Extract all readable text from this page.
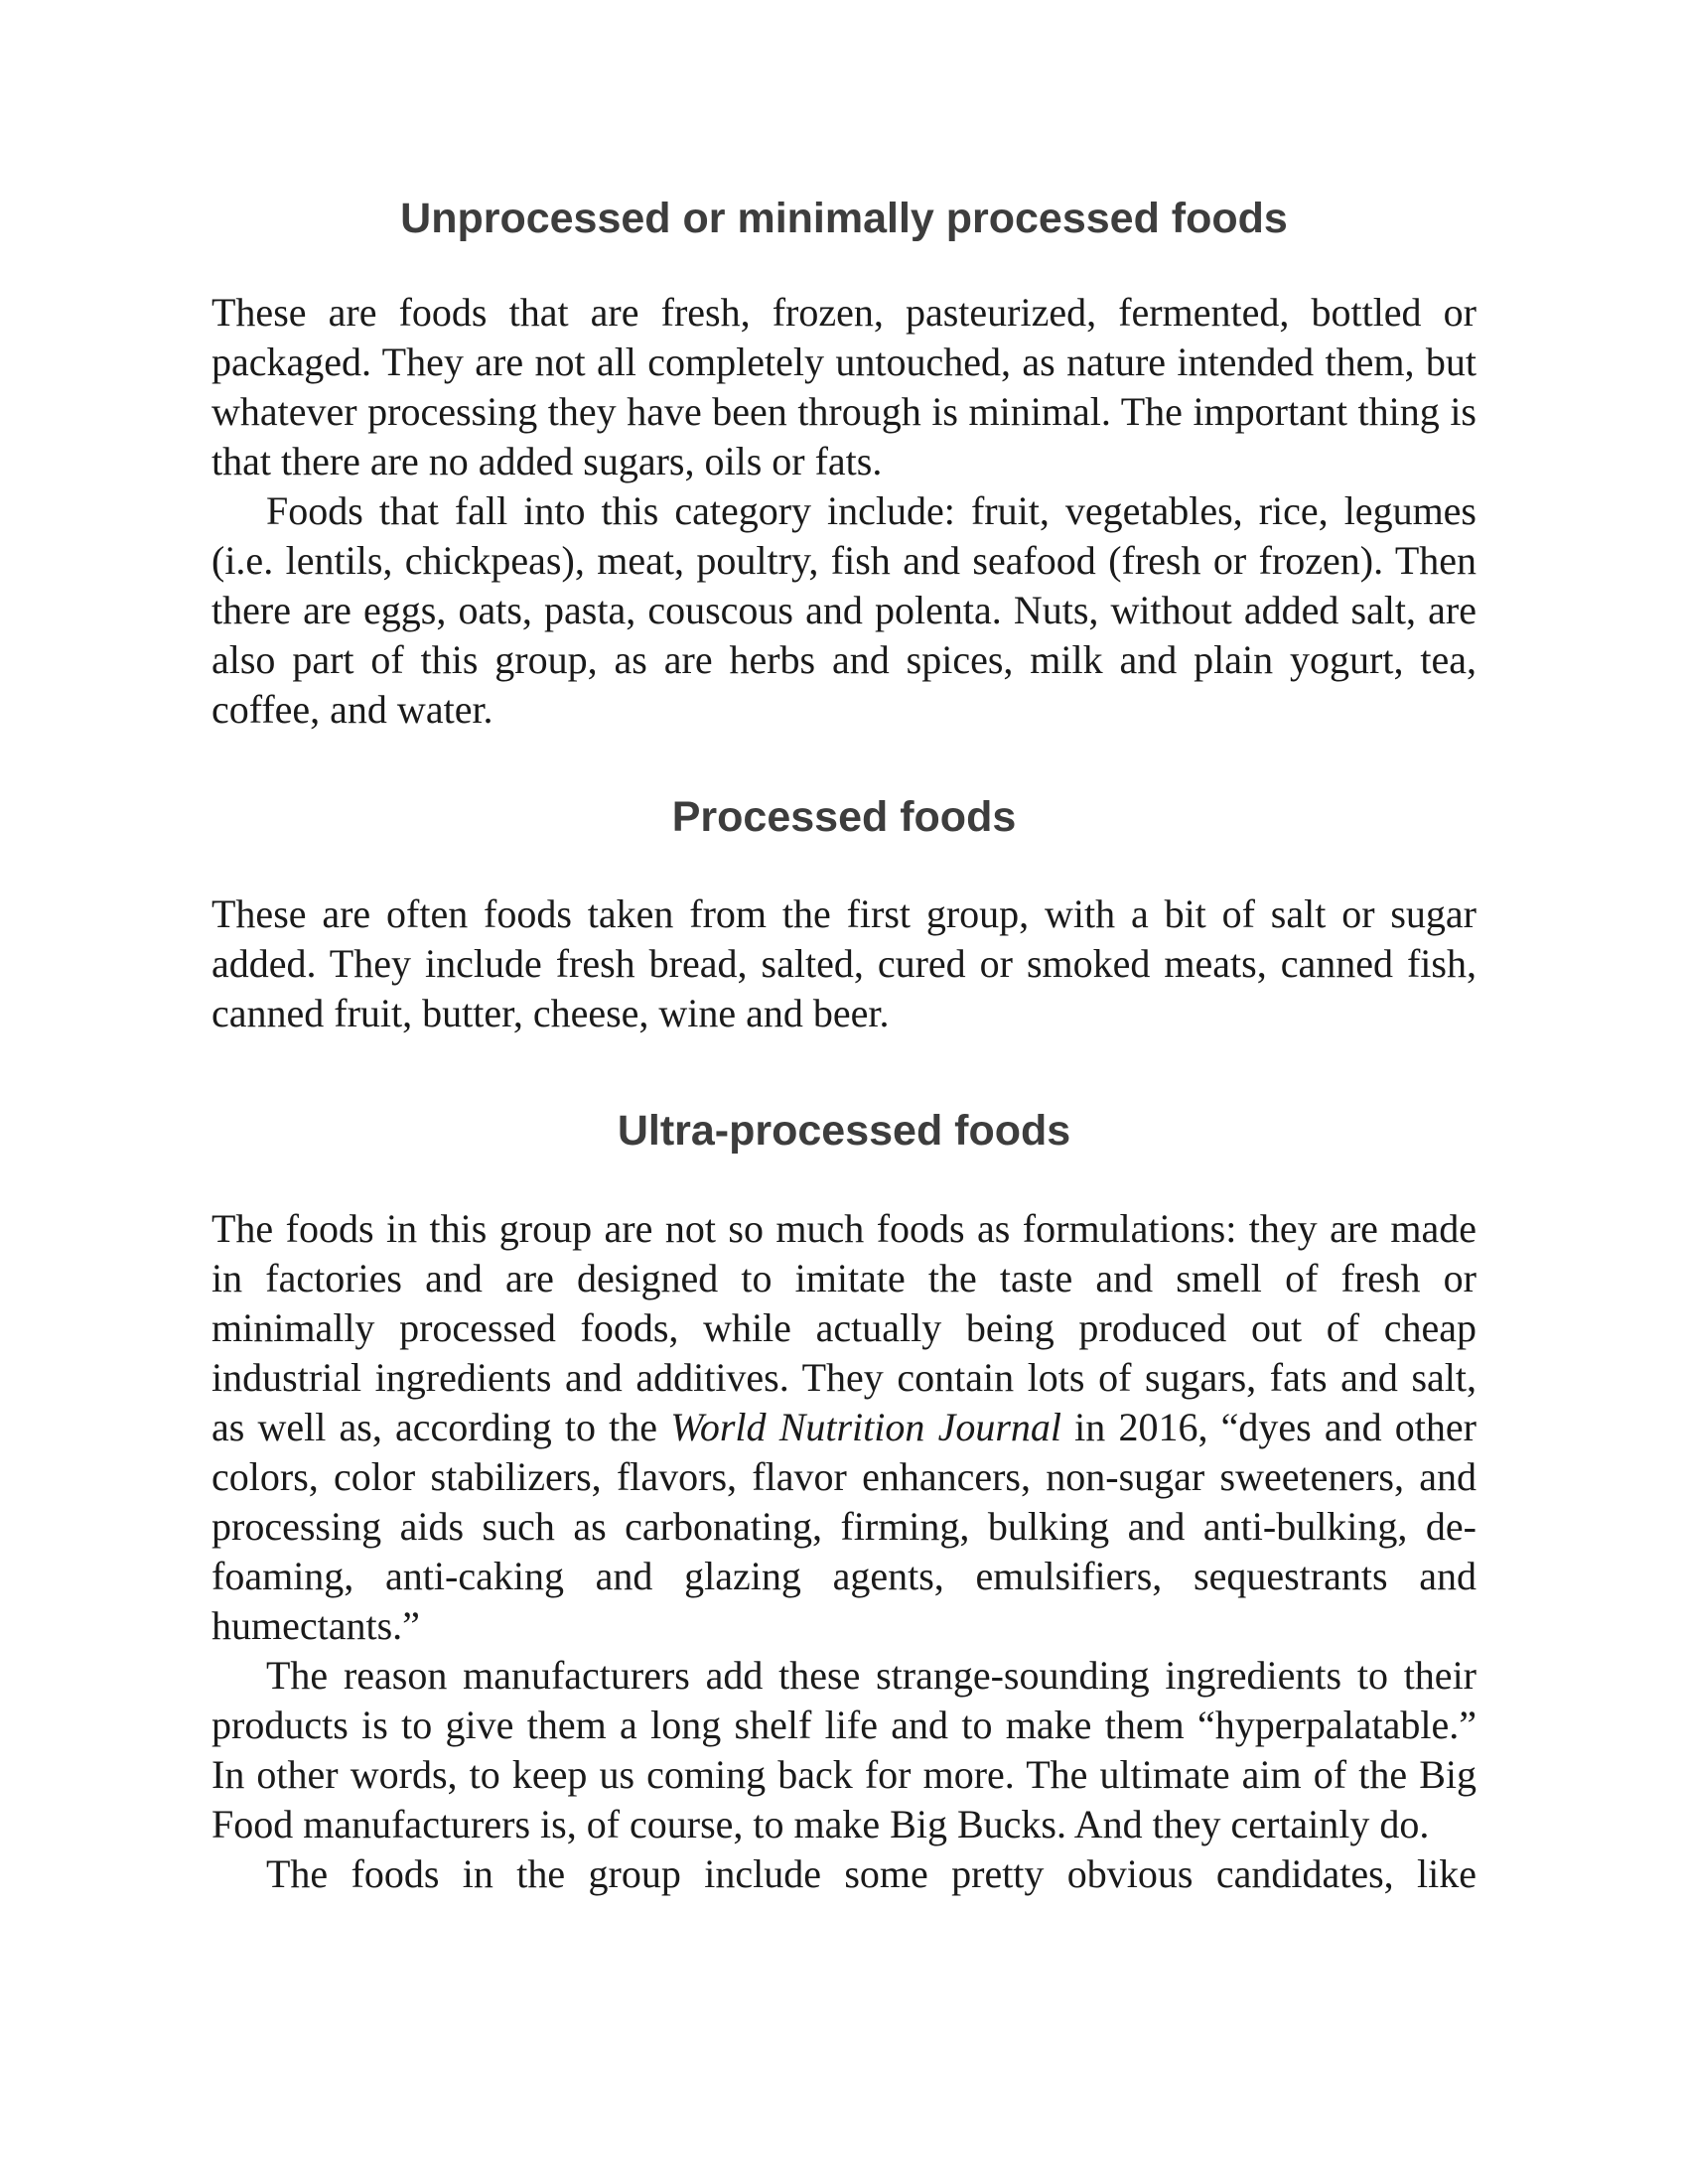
Unprocessed or minimally processed foods

These are foods that are fresh, frozen, pasteurized, fermented, bottled or packaged. They are not all completely untouched, as nature intended them, but whatever processing they have been through is minimal. The important thing is that there are no added sugars, oils or fats.

Foods that fall into this category include: fruit, vegetables, rice, legumes (i.e. lentils, chickpeas), meat, poultry, fish and seafood (fresh or frozen). Then there are eggs, oats, pasta, couscous and polenta. Nuts, without added salt, are also part of this group, as are herbs and spices, milk and plain yogurt, tea, coffee, and water.

Processed foods

These are often foods taken from the first group, with a bit of salt or sugar added. They include fresh bread, salted, cured or smoked meats, canned fish, canned fruit, butter, cheese, wine and beer.

Ultra-processed foods

The foods in this group are not so much foods as formulations: they are made in factories and are designed to imitate the taste and smell of fresh or minimally processed foods, while actually being produced out of cheap industrial ingredients and additives. They contain lots of sugars, fats and salt, as well as, according to the World Nutrition Journal in 2016, “dyes and other colors, color stabilizers, flavors, flavor enhancers, non-sugar sweeteners, and processing aids such as carbonating, firming, bulking and anti-bulking, de-foaming, anti-caking and glazing agents, emulsifiers, sequestrants and humectants.”

The reason manufacturers add these strange-sounding ingredients to their products is to give them a long shelf life and to make them “hyperpalatable.” In other words, to keep us coming back for more. The ultimate aim of the Big Food manufacturers is, of course, to make Big Bucks. And they certainly do.

The foods in the group include some pretty obvious candidates, like
